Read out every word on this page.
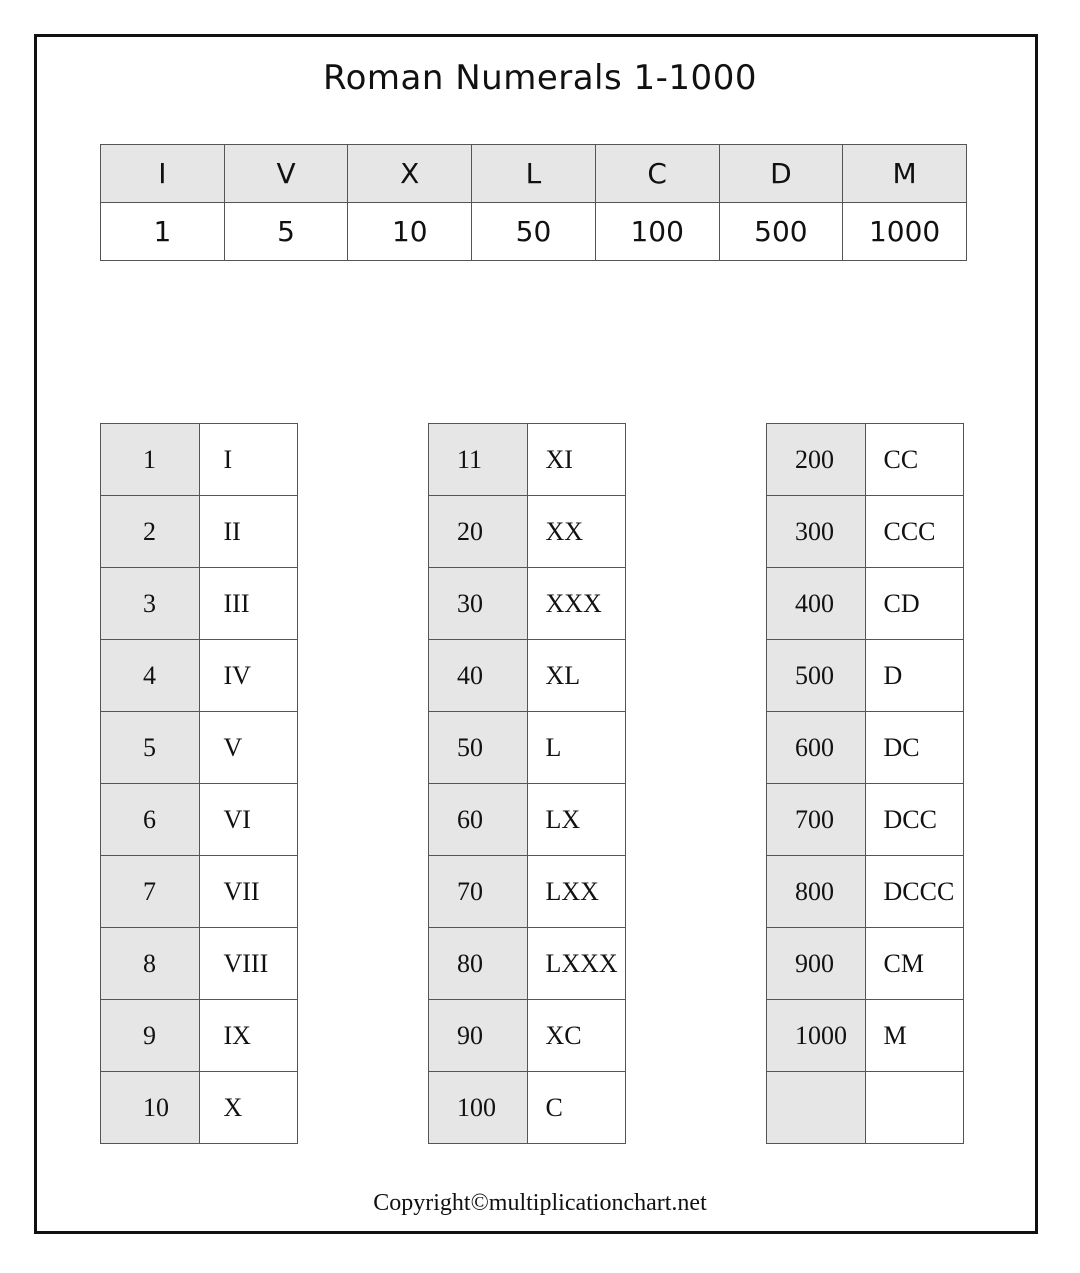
Roman Numerals 1-1000
I	V	X	L	C	D	M
1	5	10	50	100	500	1000
1	I
2	II
3	III
4	IV
5	V
6	VI
7	VII
8	VIII
9	IX
10	X
11	XI
20	XX
30	XXX
40	XL
50	L
60	LX
70	LXX
80	LXXX
90	XC
100	C
200	CC
300	CCC
400	CD
500	D
600	DC
700	DCC
800	DCCC
900	CM
1000	M

Copyright©multiplicationchart.net
